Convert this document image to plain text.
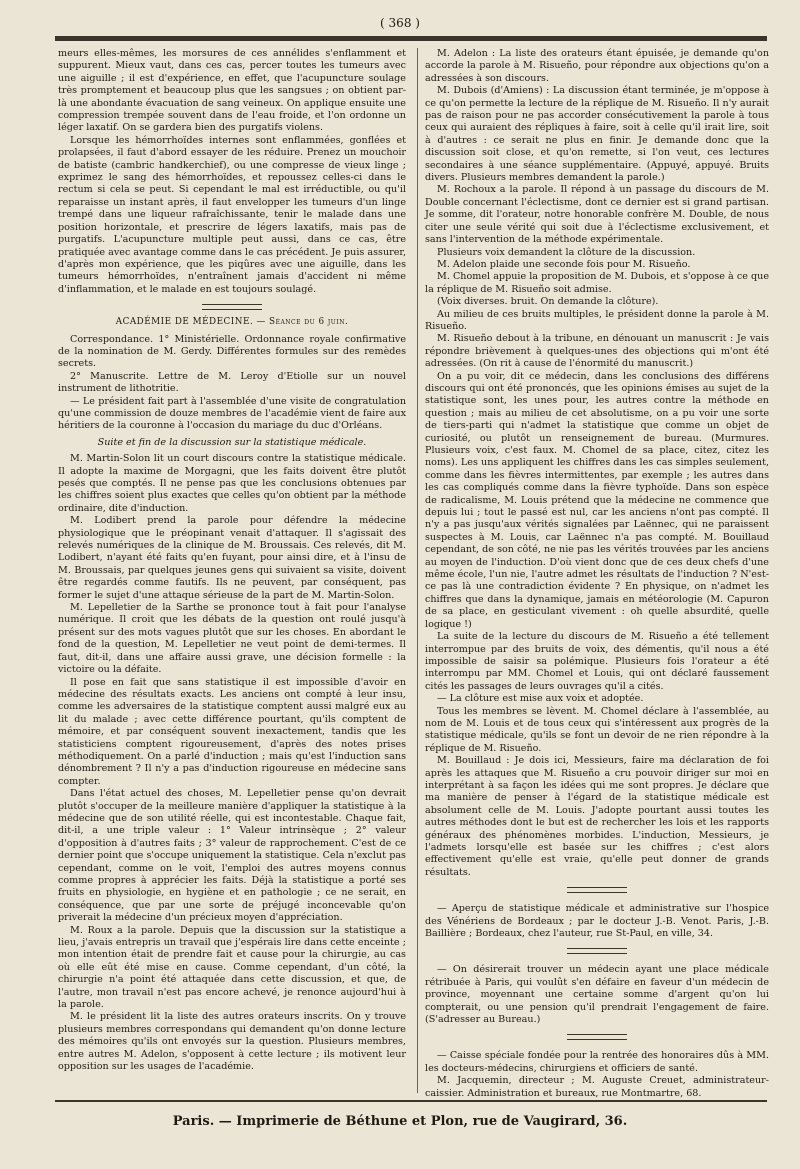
( 368 )

meurs elles-mêmes, les morsures de ces annélides s'enflamment et suppurent. Mieux vaut, dans ces cas, percer toutes les tumeurs avec une aiguille ; il est d'expérience, en effet, que l'acupuncture soulage très promptement et beaucoup plus que les sangsues ; on obtient par-là une abondante évacuation de sang veineux. On applique ensuite une compression trempée souvent dans de l'eau froide, et l'on ordonne un léger laxatif. On se gardera bien des purgatifs violens.

Lorsque les hémorrhoïdes internes sont enflammées, gonflées et prolapsées, il faut d'abord essayer de les réduire. Prenez un mouchoir de batiste (cambric handkerchief), ou une compresse de vieux linge ; exprimez le sang des hémorrhoïdes, et repoussez celles-ci dans le rectum si cela se peut. Si cependant le mal est irréductible, ou qu'il reparaisse un instant après, il faut envelopper les tumeurs d'un linge trempé dans une liqueur rafraîchissante, tenir le malade dans une position horizontale, et prescrire de légers laxatifs, mais pas de purgatifs. L'acupuncture multiple peut aussi, dans ce cas, être pratiquée avec avantage comme dans le cas précédent. Je puis assurer, d'après mon expérience, que les piqûres avec une aiguille, dans les tumeurs hémorrhoïdes, n'entraînent jamais d'accident ni même d'inflammation, et le malade en est toujours soulagé.

ACADÉMIE DE MÉDECINE. — Séance du 6 juin.

Correspondance. 1° Ministérielle. Ordonnance royale confirmative de la nomination de M. Gerdy. Différentes formules sur des remèdes secrets.

2° Manuscrite. Lettre de M. Leroy d'Etiolle sur un nouvel instrument de lithotritie.

— Le président fait part à l'assemblée d'une visite de congratulation qu'une commission de douze membres de l'académie vient de faire aux héritiers de la couronne à l'occasion du mariage du duc d'Orléans.

Suite et fin de la discussion sur la statistique médicale.

M. Martin-Solon lit un court discours contre la statistique médicale. Il adopte la maxime de Morgagni, que les faits doivent être plutôt pesés que comptés. Il ne pense pas que les conclusions obtenues par les chiffres soient plus exactes que celles qu'on obtient par la méthode ordinaire, dite d'induction.

M. Lodibert prend la parole pour défendre la médecine physiologique que le préopinant venait d'attaquer. Il s'agissait des relevés numériques de la clinique de M. Broussais. Ces relevés, dit M. Lodibert, n'ayant été faits qu'en fuyant, pour ainsi dire, et à l'insu de M. Broussais, par quelques jeunes gens qui suivaient sa visite, doivent être regardés comme fautifs. Ils ne peuvent, par conséquent, pas former le sujet d'une attaque sérieuse de la part de M. Martin-Solon.

M. Lepelletier de la Sarthe se prononce tout à fait pour l'analyse numérique. Il croit que les débats de la question ont roulé jusqu'à présent sur des mots vagues plutôt que sur les choses. En abordant le fond de la question, M. Lepelletier ne veut point de demi-termes. Il faut, dit-il, dans une affaire aussi grave, une décision formelle : la victoire ou la défaite.

Il pose en fait que sans statistique il est impossible d'avoir en médecine des résultats exacts. Les anciens ont compté à leur insu, comme les adversaires de la statistique comptent aussi malgré eux au lit du malade ; avec cette différence pourtant, qu'ils comptent de mémoire, et par conséquent souvent inexactement, tandis que les statisticiens comptent rigoureusement, d'après des notes prises méthodiquement. On a parlé d'induction ; mais qu'est l'induction sans dénombrement ? Il n'y a pas d'induction rigoureuse en médecine sans compter.

Dans l'état actuel des choses, M. Lepelletier pense qu'on devrait plutôt s'occuper de la meilleure manière d'appliquer la statistique à la médecine que de son utilité réelle, qui est incontestable. Chaque fait, dit-il, a une triple valeur : 1° Valeur intrinsèque ; 2° valeur d'opposition à d'autres faits ; 3° valeur de rapprochement. C'est de ce dernier point que s'occupe uniquement la statistique. Cela n'exclut pas cependant, comme on le voit, l'emploi des autres moyens connus comme propres à apprécier les faits. Déjà la statistique a porté ses fruits en physiologie, en hygiène et en pathologie ; ce ne serait, en conséquence, que par une sorte de préjugé inconcevable qu'on priverait la médecine d'un précieux moyen d'appréciation.

M. Roux a la parole. Depuis que la discussion sur la statistique a lieu, j'avais entrepris un travail que j'espérais lire dans cette enceinte ; mon intention était de prendre fait et cause pour la chirurgie, au cas où elle eût été mise en cause. Comme cependant, d'un côté, la chirurgie n'a point été attaquée dans cette discussion, et que, de l'autre, mon travail n'est pas encore achevé, je renonce aujourd'hui à la parole.

M. le président lit la liste des autres orateurs inscrits. On y trouve plusieurs membres correspondans qui demandent qu'on donne lecture des mémoires qu'ils ont envoyés sur la question. Plusieurs membres, entre autres M. Adelon, s'opposent à cette lecture ; ils motivent leur opposition sur les usages de l'académie.

M. Adelon : La liste des orateurs étant épuisée, je demande qu'on accorde la parole à M. Risueño, pour répondre aux objections qu'on a adressées à son discours.

M. Dubois (d'Amiens) : La discussion étant terminée, je m'oppose à ce qu'on permette la lecture de la réplique de M. Risueño. Il n'y aurait pas de raison pour ne pas accorder consécutivement la parole à tous ceux qui auraient des répliques à faire, soit à celle qu'il irait lire, soit à d'autres : ce serait ne plus en finir. Je demande donc que la discussion soit close, et qu'on remette, si l'on veut, ces lectures secondaires à une séance supplémentaire. (Appuyé, appuyé. Bruits divers. Plusieurs membres demandent la parole.)

M. Rochoux a la parole. Il répond à un passage du discours de M. Double concernant l'éclectisme, dont ce dernier est si grand partisan. Je somme, dit l'orateur, notre honorable confrère M. Double, de nous citer une seule vérité qui soit due à l'éclectisme exclusivement, et sans l'intervention de la méthode expérimentale.

Plusieurs voix demandent la clôture de la discussion.

M. Adelon plaide une seconde fois pour M. Risueño.

M. Chomel appuie la proposition de M. Dubois, et s'oppose à ce que la réplique de M. Risueño soit admise.

(Voix diverses. bruit. On demande la clôture).

Au milieu de ces bruits multiples, le président donne la parole à M. Risueño.

M. Risueño debout à la tribune, en dénouant un manuscrit : Je vais répondre brièvement à quelques-unes des objections qui m'ont été adressées. (On rit à cause de l'énormité du manuscrit.)

On a pu voir, dit ce médecin, dans les conclusions des différens discours qui ont été prononcés, que les opinions émises au sujet de la statistique sont, les unes pour, les autres contre la méthode en question ; mais au milieu de cet absolutisme, on a pu voir une sorte de tiers-parti qui n'admet la statistique que comme un objet de curiosité, ou plutôt un renseignement de bureau. (Murmures. Plusieurs voix, c'est faux. M. Chomel de sa place, citez, citez les noms). Les uns appliquent les chiffres dans les cas simples seulement, comme dans les fièvres intermittentes, par exemple ; les autres dans les cas compliqués comme dans la fièvre typhoïde. Dans son espèce de radicalisme, M. Louis prétend que la médecine ne commence que depuis lui ; tout le passé est nul, car les anciens n'ont pas compté. Il n'y a pas jusqu'aux vérités signalées par Laënnec, qui ne paraissent suspectes à M. Louis, car Laënnec n'a pas compté. M. Bouillaud cependant, de son côté, ne nie pas les vérités trouvées par les anciens au moyen de l'induction. D'où vient donc que de ces deux chefs d'une même école, l'un nie, l'autre admet les résultats de l'induction ? N'est-ce pas là une contradiction évidente ? En physique, on n'admet les chiffres que dans la dynamique, jamais en météorologie (M. Capuron de sa place, en gesticulant vivement : oh quelle absurdité, quelle logique !)

La suite de la lecture du discours de M. Risueño a été tellement interrompue par des bruits de voix, des démentis, qu'il nous a été impossible de saisir sa polémique. Plusieurs fois l'orateur a été interrompu par MM. Chomel et Louis, qui ont déclaré faussement cités les passages de leurs ouvrages qu'il a cités.

— La clôture est mise aux voix et adoptée.

Tous les membres se lèvent. M. Chomel déclare à l'assemblée, au nom de M. Louis et de tous ceux qui s'intéressent aux progrès de la statistique médicale, qu'ils se font un devoir de ne rien répondre à la réplique de M. Risueño.

M. Bouillaud : Je dois ici, Messieurs, faire ma déclaration de foi après les attaques que M. Risueño a cru pouvoir diriger sur moi en interprétant à sa façon les idées qui me sont propres. Je déclare que ma manière de penser à l'égard de la statistique médicale est absolument celle de M. Louis. J'adopte pourtant aussi toutes les autres méthodes dont le but est de rechercher les lois et les rapports généraux des phénomènes morbides. L'induction, Messieurs, je l'admets lorsqu'elle est basée sur les chiffres ; c'est alors effectivement qu'elle est vraie, qu'elle peut donner de grands résultats.

— Aperçu de statistique médicale et administrative sur l'hospice des Vénériens de Bordeaux ; par le docteur J.-B. Venot. Paris, J.-B. Baillière ; Bordeaux, chez l'auteur, rue St-Paul, en ville, 34.

— On désirerait trouver un médecin ayant une place médicale rétribuée à Paris, qui voulût s'en défaire en faveur d'un médecin de province, moyennant une certaine somme d'argent qu'on lui compterait, ou une pension qu'il prendrait l'engagement de faire. (S'adresser au Bureau.)

— Caisse spéciale fondée pour la rentrée des honoraires dûs à MM. les docteurs-médecins, chirurgiens et officiers de santé.

M. Jacquemin, directeur ; M. Auguste Creuet, administrateur-caissier. Administration et bureaux, rue Montmartre, 68.

Paris. — Imprimerie de Béthune et Plon, rue de Vaugirard, 36.
